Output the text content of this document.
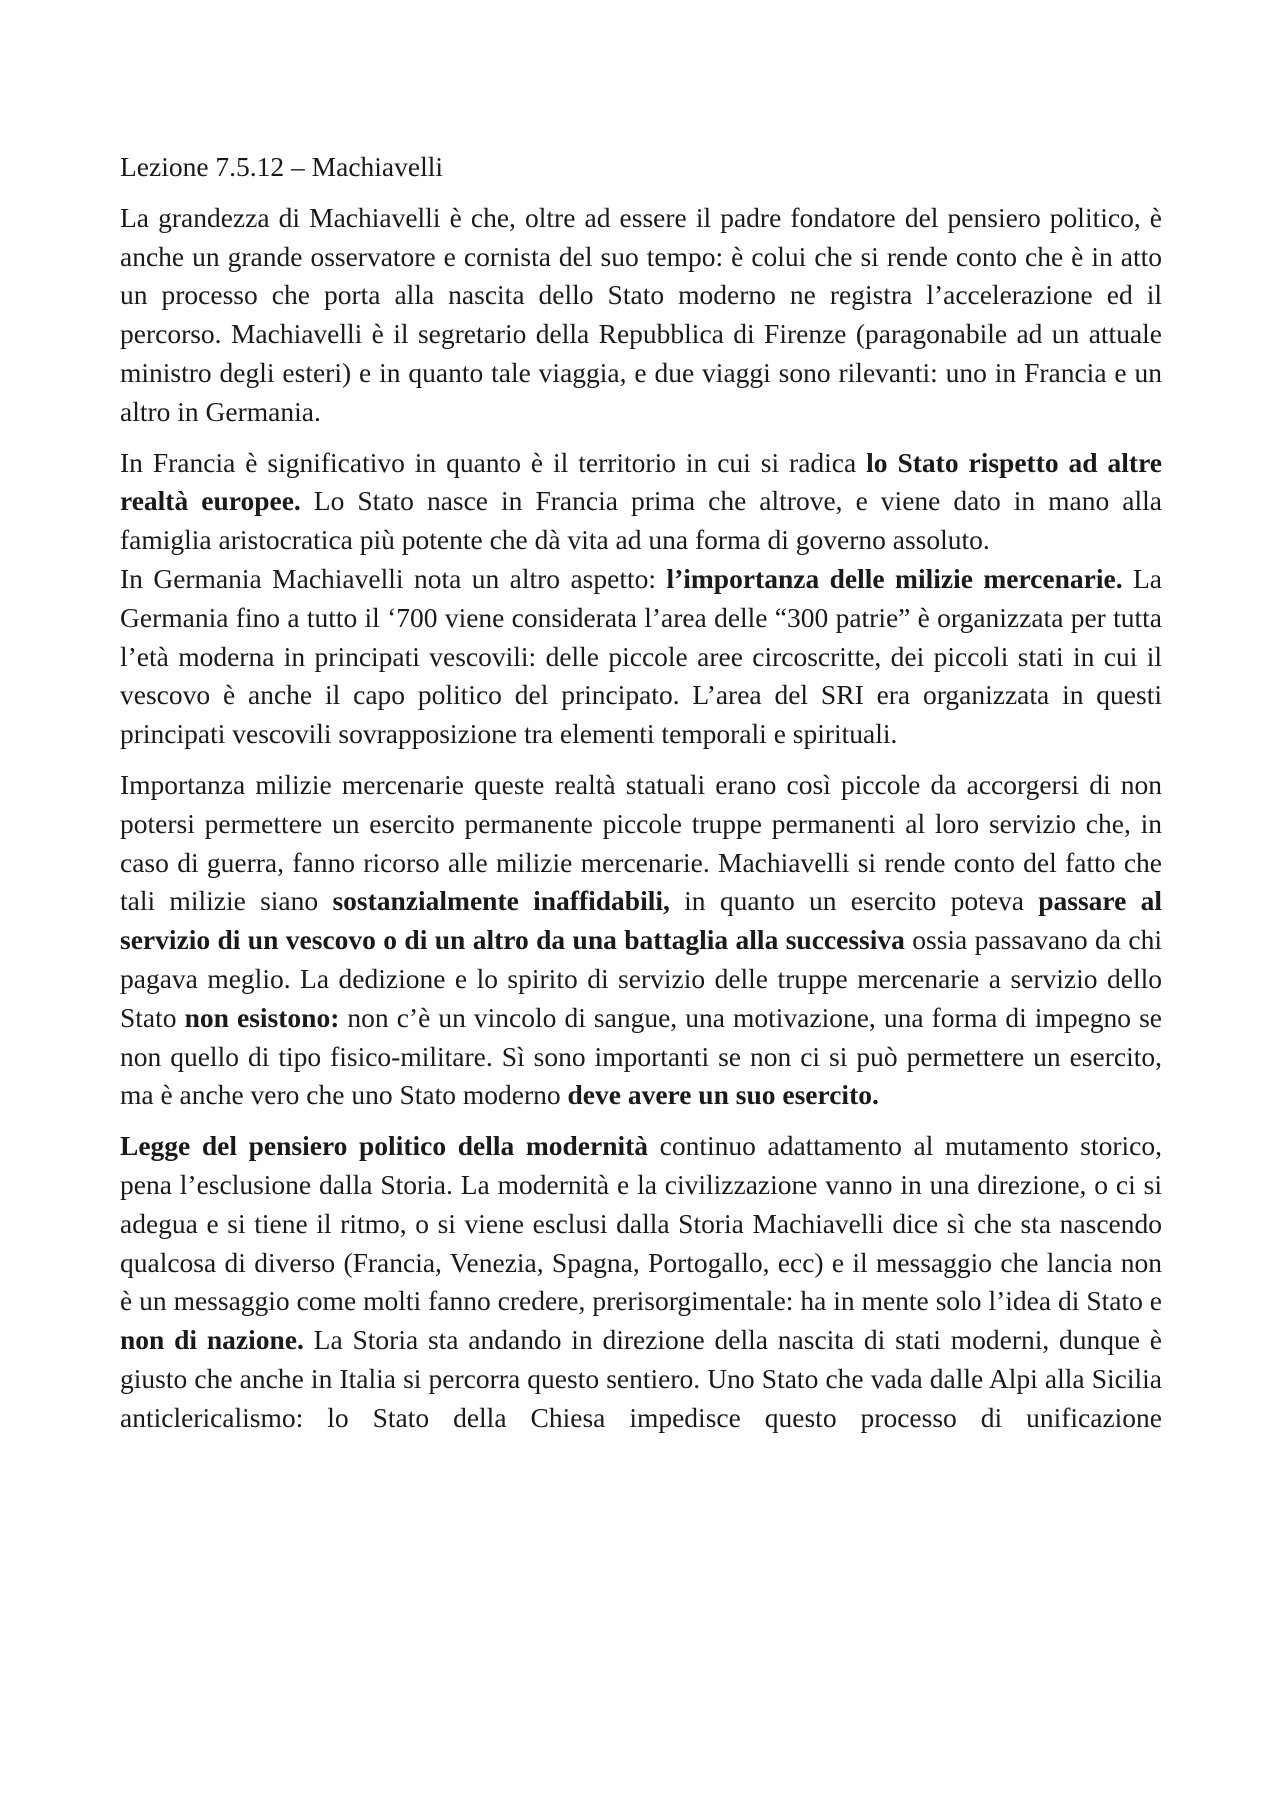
Lezione 7.5.12 – Machiavelli

La grandezza di Machiavelli è che, oltre ad essere il padre fondatore del pensiero politico, è anche un grande osservatore e cornista del suo tempo: è colui che si rende conto che è in atto un processo che porta alla nascita dello Stato moderno ne registra l’accelerazione ed il percorso. Machiavelli è il segretario della Repubblica di Firenze (paragonabile ad un attuale ministro degli esteri) e in quanto tale viaggia, e due viaggi sono rilevanti: uno in Francia e un altro in Germania.

In Francia è significativo in quanto è il territorio in cui si radica lo Stato rispetto ad altre realtà europee. Lo Stato nasce in Francia prima che altrove, e viene dato in mano alla famiglia aristocratica più potente che dà vita ad una forma di governo assoluto.

In Germania Machiavelli nota un altro aspetto: l’importanza delle milizie mercenarie. La Germania fino a tutto il ‘700 viene considerata l’area delle “300 patrie” è organizzata per tutta l’età moderna in principati vescovili: delle piccole aree circoscritte, dei piccoli stati in cui il vescovo è anche il capo politico del principato. L’area del SRI era organizzata in questi principati vescovili sovrapposizione tra elementi temporali e spirituali.

Importanza milizie mercenarie queste realtà statuali erano così piccole da accorgersi di non potersi permettere un esercito permanente piccole truppe permanenti al loro servizio che, in caso di guerra, fanno ricorso alle milizie mercenarie. Machiavelli si rende conto del fatto che tali milizie siano sostanzialmente inaffidabili, in quanto un esercito poteva passare al servizio di un vescovo o di un altro da una battaglia alla successiva ossia passavano da chi pagava meglio. La dedizione e lo spirito di servizio delle truppe mercenarie a servizio dello Stato non esistono: non c’è un vincolo di sangue, una motivazione, una forma di impegno se non quello di tipo fisico-militare. Sì sono importanti se non ci si può permettere un esercito, ma è anche vero che uno Stato moderno deve avere un suo esercito.

Legge del pensiero politico della modernità continuo adattamento al mutamento storico, pena l’esclusione dalla Storia. La modernità e la civilizzazione vanno in una direzione, o ci si adegua e si tiene il ritmo, o si viene esclusi dalla Storia Machiavelli dice sì che sta nascendo qualcosa di diverso (Francia, Venezia, Spagna, Portogallo, ecc) e il messaggio che lancia non è un messaggio come molti fanno credere, prerisorgimentale: ha in mente solo l’idea di Stato e non di nazione. La Storia sta andando in direzione della nascita di stati moderni, dunque è giusto che anche in Italia si percorra questo sentiero. Uno Stato che vada dalle Alpi alla Sicilia anticlericalismo: lo Stato della Chiesa impedisce questo processo di unificazione
